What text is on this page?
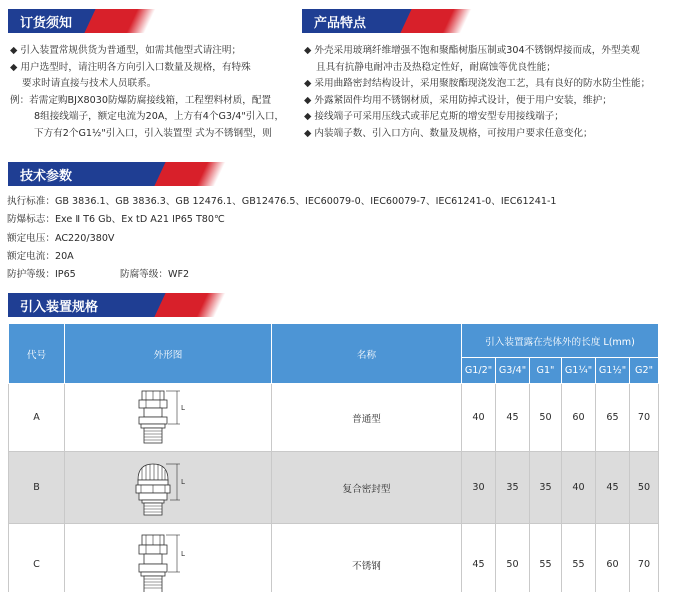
订货须知	产品特点
◆ 引入装置常规供货为普通型，如需其他型式请注明；
◆ 用户选型时，请注明各方向引入口数量及规格，有特殊
要求时请直接与技术人员联系。
例：若需定购BJX8030防爆防腐接线箱，工程塑料材质，配置
8组接线端子，额定电流为20A，上方有4个G3/4"引入口，
下方有2个G1½"引入口，引入装置型 式为不锈钢型，则
◆ 外壳采用玻璃纤维增强不饱和聚酯树脂压制或304不锈钢焊接而成，外型美观
且具有抗静电耐冲击及热稳定性好，耐腐蚀等优良性能；
◆ 采用曲路密封结构设计，采用聚胺酯现浇发泡工艺，具有良好的防水防尘性能；
◆ 外露紧固件均用不锈钢材质，采用防掉式设计，便于用户安装，维护；
◆ 接线端子可采用压线式或菲尼克斯的增安型专用接线端子；
◆ 内装端子数、引入口方向、数量及规格，可按用户要求任意变化；
技术参数
执行标准：GB 3836.1、GB 3836.3、GB 12476.1、GB12476.5、IEC60079-0、IEC60079-7、IEC61241-0、IEC61241-1
防爆标志：Exe Ⅱ T6 Gb、Ex tD A21 IP65 T80℃
额定电压：AC220/380V
额定电流：20A
防护等级：IP65	防腐等级：WF2
引入装置规格
代号	外形图	名称	引入装置露在壳体外的长度 L(mm)					
			G1/2"	G3/4"	G1"	G1¼"	G1½"	G2"
A	L	普通型	40	45	50	60	65	70
B	L	复合密封型	30	35	35	40	45	50
C	L	不锈钢	45	50	55	55	60	70
